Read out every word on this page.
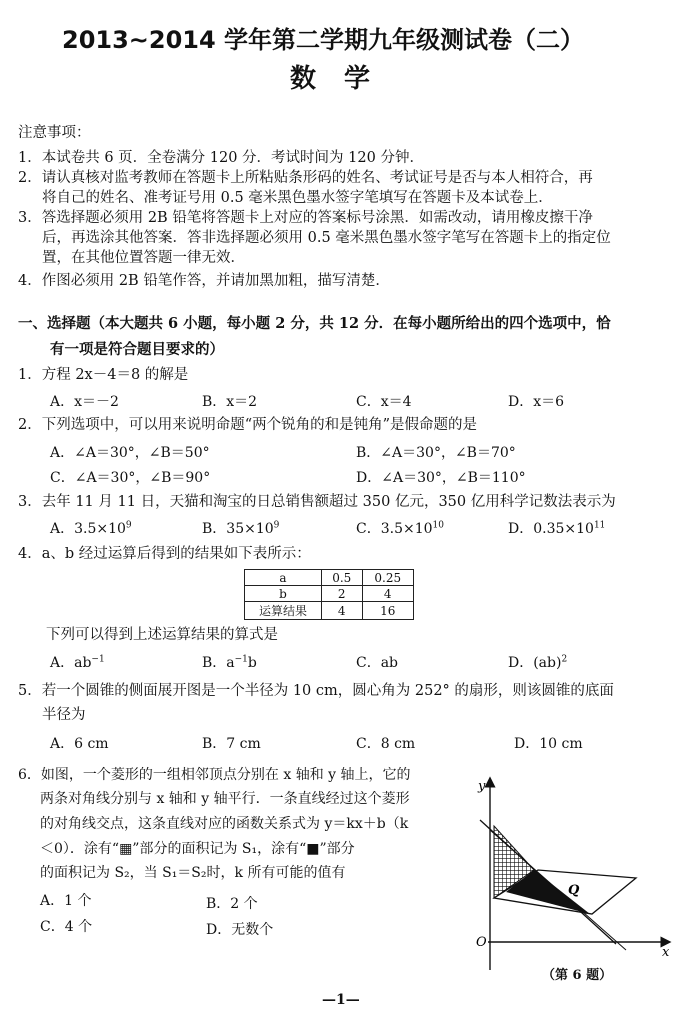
2013~2014 学年第二学期九年级测试卷（二）
数学
注意事项：
1．本试卷共 6 页．全卷满分 120 分．考试时间为 120 分钟．
2．请认真核对监考教师在答题卡上所粘贴条形码的姓名、考试证号是否与本人相符合，再
将自己的姓名、准考证号用 0.5 毫米黑色墨水签字笔填写在答题卡及本试卷上．
3．答选择题必须用 2B 铅笔将答题卡上对应的答案标号涂黑．如需改动，请用橡皮擦干净
后，再选涂其他答案．答非选择题必须用 0.5 毫米黑色墨水签字笔写在答题卡上的指定位
置，在其他位置答题一律无效．
4．作图必须用 2B 铅笔作答，并请加黑加粗，描写清楚．
一、选择题（本大题共 6 小题，每小题 2 分，共 12 分．在每小题所给出的四个选项中，恰
有一项是符合题目要求的）
1．方程 2x－4＝8 的解是
A．x＝－2	B．x＝2	C．x＝4	D．x＝6
2．下列选项中，可以用来说明命题“两个锐角的和是钝角”是假命题的是
A．∠A＝30°，∠B＝50°	B．∠A＝30°，∠B＝70°
C．∠A＝30°，∠B＝90°	D．∠A＝30°，∠B＝110°
3．去年 11 月 11 日，天猫和淘宝的日总销售额超过 350 亿元，350 亿用科学记数法表示为
A．$3.5\times 10^9$	B．$35\times 10^9$	C．$3.5\times 10^{10}$	D．$0.35\times 10^{11}$
4．a、b 经过运算后得到的结果如下表所示：
a	0.5	0.25
b	2	4
运算结果	4	16
下列可以得到上述运算结果的算式是
A．$ab^{-1}$	B．$a^{-1}b$	C．ab	D．(ab)$^2$
5．若一个圆锥的侧面展开图是一个半径为 10 cm，圆心角为 252° 的扇形，则该圆锥的底面
半径为
A．6 cm	B．7 cm	C．8 cm	D．10 cm
6．如图，一个菱形的一组相邻顶点分别在 x 轴和 y 轴上，它的
两条对角线分别与 x 轴和 y 轴平行．一条直线经过这个菱形
的对角线交点，这条直线对应的函数关系式为 y＝kx＋b（k
＜0）．涂有“▦”部分的面积记为 S₁，涂有“■”部分
的面积记为 S₂，当 S₁＝S₂时，k 所有可能的值有
A．1 个	B．2 个
C．4 个	D．无数个
y
x
O
Q
（第 6 题）
—1—
